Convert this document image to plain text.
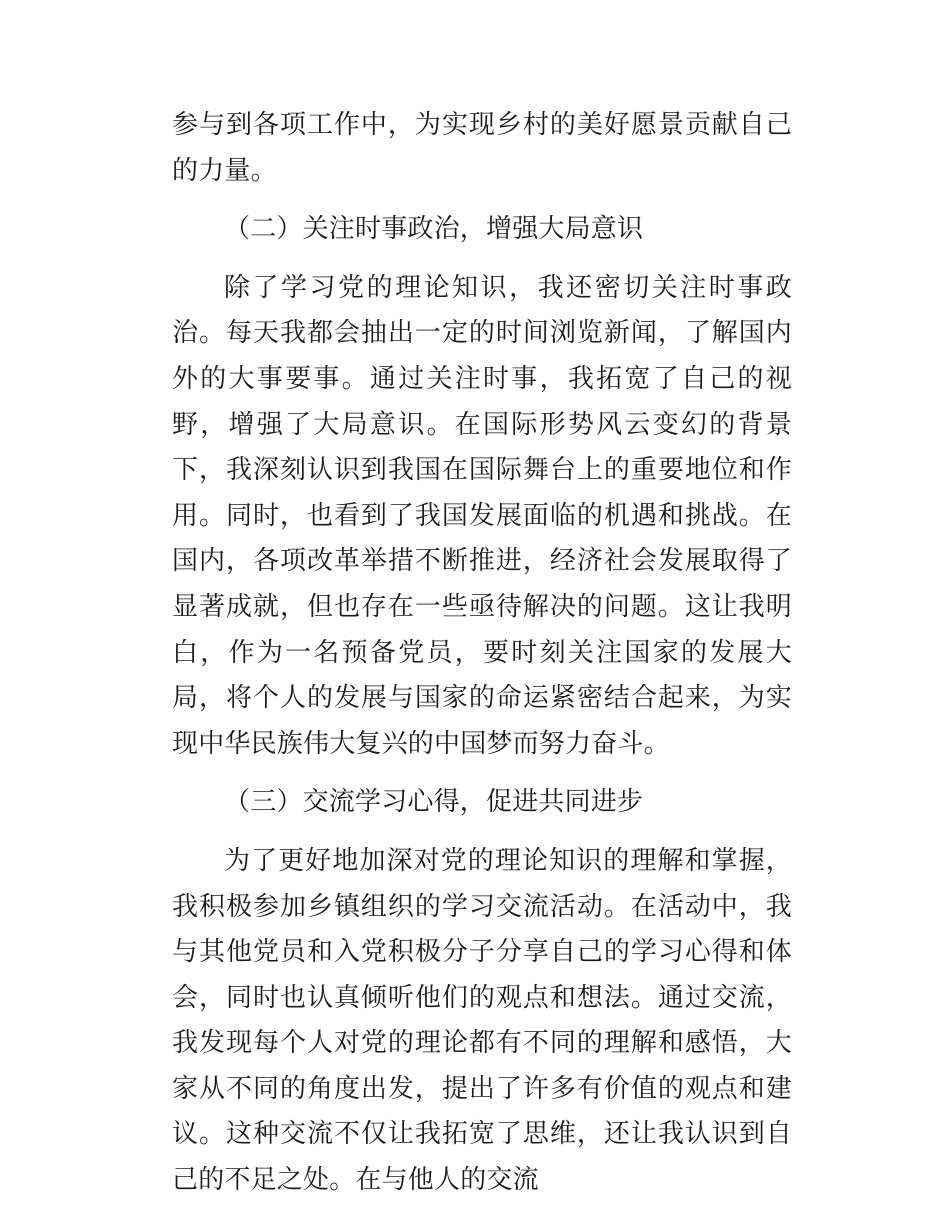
参与到各项工作中，为实现乡村的美好愿景贡献自己的力量。

（二）关注时事政治，增强大局意识

除了学习党的理论知识，我还密切关注时事政治。每天我都会抽出一定的时间浏览新闻，了解国内外的大事要事。通过关注时事，我拓宽了自己的视野，增强了大局意识。在国际形势风云变幻的背景下，我深刻认识到我国在国际舞台上的重要地位和作用。同时，也看到了我国发展面临的机遇和挑战。在国内，各项改革举措不断推进，经济社会发展取得了显著成就，但也存在一些亟待解决的问题。这让我明白，作为一名预备党员，要时刻关注国家的发展大局，将个人的发展与国家的命运紧密结合起来，为实现中华民族伟大复兴的中国梦而努力奋斗。

（三）交流学习心得，促进共同进步

为了更好地加深对党的理论知识的理解和掌握，我积极参加乡镇组织的学习交流活动。在活动中，我与其他党员和入党积极分子分享自己的学习心得和体会，同时也认真倾听他们的观点和想法。通过交流，我发现每个人对党的理论都有不同的理解和感悟，大家从不同的角度出发，提出了许多有价值的观点和建议。这种交流不仅让我拓宽了思维，还让我认识到自己的不足之处。在与他人的交流
